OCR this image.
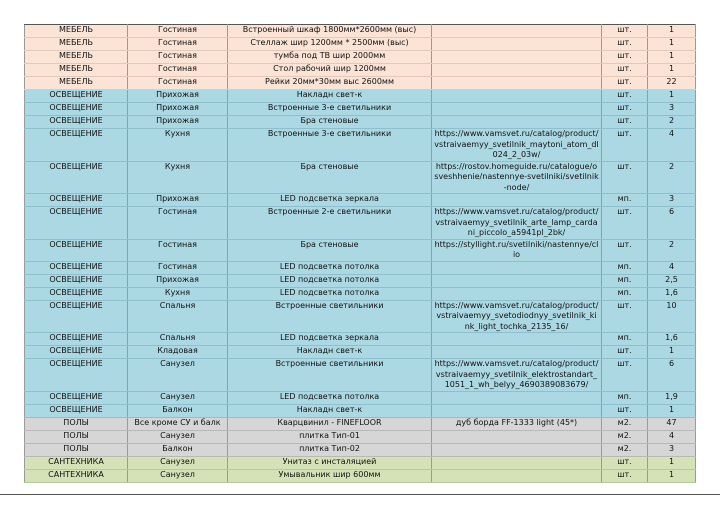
МЕБЕЛЬ	Гостиная	Встроенный шкаф 1800мм*2600мм (выс)		шт.	1
МЕБЕЛЬ	Гостиная	Стеллаж шир 1200мм * 2500мм (выс)		шт.	1
МЕБЕЛЬ	Гостиная	тумба под ТВ шир 2000мм		шт.	1
МЕБЕЛЬ	Гостиная	Стол рабочий шир 1200мм		шт.	1
МЕБЕЛЬ	Гостиная	Рейки 20мм*30мм выс 2600мм		шт.	22
ОСВЕЩЕНИЕ	Прихожая	Накладн свет-к		шт.	1
ОСВЕЩЕНИЕ	Прихожая	Встроенные 3-е светильники		шт.	3
ОСВЕЩЕНИЕ	Прихожая	Бра стеновые		шт.	2
ОСВЕЩЕНИЕ	Кухня	Встроенные 3-е светильники	https://www.vamsvet.ru/catalog/product/vstraivaemyy_svetilnik_maytoni_atom_dl024_2_03w/	шт.	4
ОСВЕЩЕНИЕ	Кухня	Бра стеновые	https://rostov.homeguide.ru/catalogue/osveshhenie/nastennye-svetilniki/svetilnik-node/	шт.	2
ОСВЕЩЕНИЕ	Прихожая	LED подсветка зеркала		мп.	3
ОСВЕЩЕНИЕ	Гостиная	Встроенные 2-е светильники	https://www.vamsvet.ru/catalog/product/vstraivaemyy_svetilnik_arte_lamp_cardani_piccolo_a5941pl_2bk/	шт.	6
ОСВЕЩЕНИЕ	Гостиная	Бра стеновые	https://styllight.ru/svetilniki/nastennye/clio	шт.	2
ОСВЕЩЕНИЕ	Гостиная	LED подсветка потолка		мп.	4
ОСВЕЩЕНИЕ	Прихожая	LED подсветка потолка		мп.	2,5
ОСВЕЩЕНИЕ	Кухня	LED подсветка потолка		мп.	1,6
ОСВЕЩЕНИЕ	Спальня	Встроенные светильники	https://www.vamsvet.ru/catalog/product/vstraivaemyy_svetodiodnyy_svetilnik_kink_light_tochka_2135_16/	шт.	10
ОСВЕЩЕНИЕ	Спальня	LED подсветка зеркала		мп.	1,6
ОСВЕЩЕНИЕ	Кладовая	Накладн свет-к		шт.	1
ОСВЕЩЕНИЕ	Санузел	Встроенные светильники	https://www.vamsvet.ru/catalog/product/vstraivaemyy_svetilnik_elektrostandart_1051_1_wh_belyy_4690389083679/	шт.	6
ОСВЕЩЕНИЕ	Санузел	LED подсветка потолка		мп.	1,9
ОСВЕЩЕНИЕ	Балкон	Накладн свет-к		шт.	1
ПОЛЫ	Все кроме СУ и балк	Кварцвинил - FINEFLOOR	дуб борда FF-1333 light (45*)	м2.	47
ПОЛЫ	Санузел	плитка Тип-01		м2.	4
ПОЛЫ	Балкон	плитка Тип-02		м2.	3
САНТЕХНИКА	Санузел	Унитаз с инсталяцией		шт.	1
САНТЕХНИКА	Санузел	Умывальник шир 600мм		шт.	1
